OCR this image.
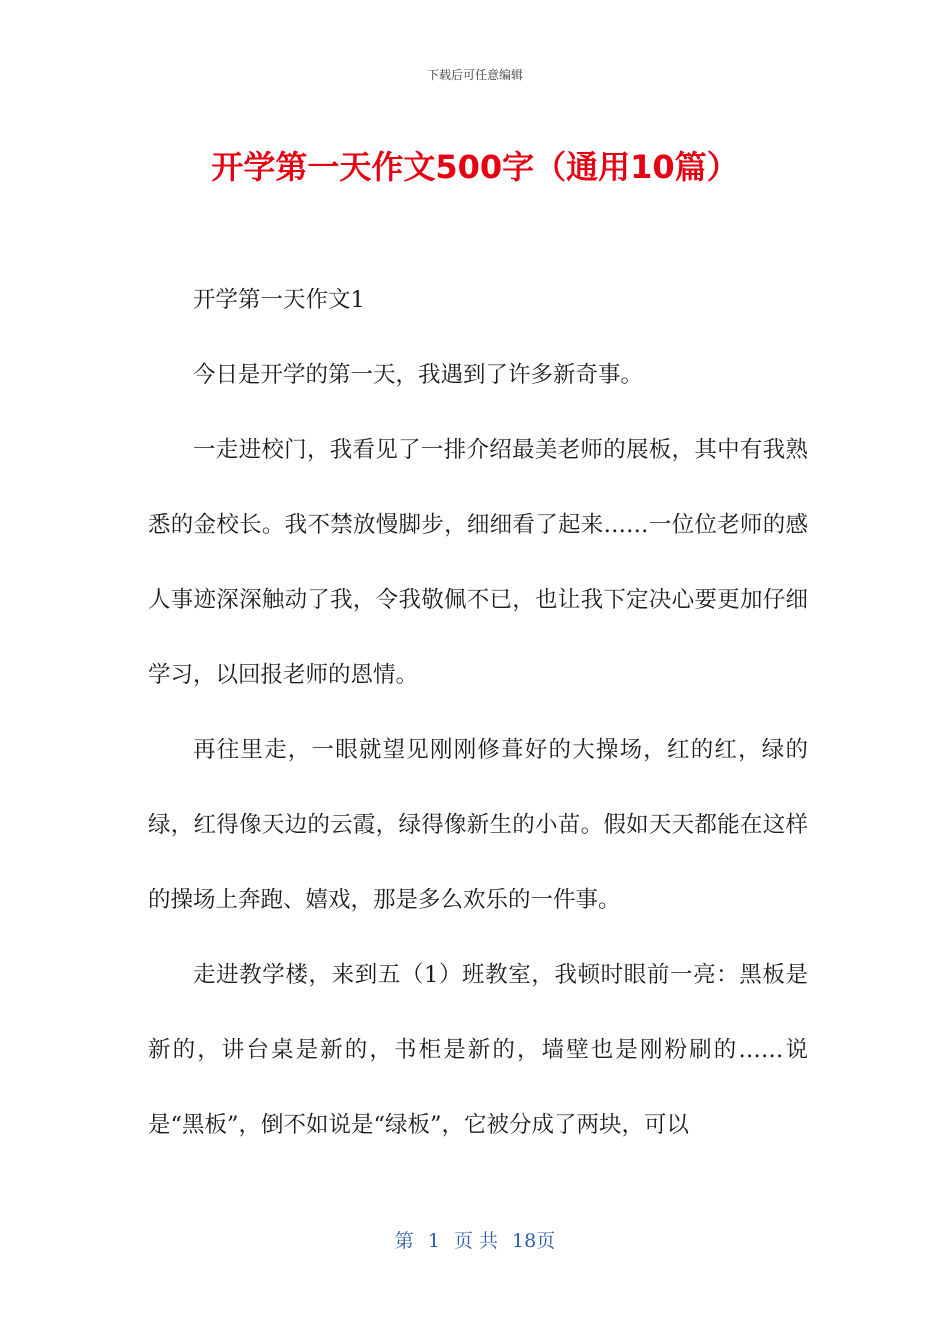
下载后可任意编辑
开学第一天作文500字（通用10篇）

开学第一天作文1

今日是开学的第一天，我遇到了许多新奇事。

一走进校门，我看见了一排介绍最美老师的展板，其中有我熟悉的金校长。我不禁放慢脚步，细细看了起来……一位位老师的感人事迹深深触动了我，令我敬佩不已，也让我下定决心要更加仔细学习，以回报老师的恩情。

再往里走，一眼就望见刚刚修葺好的大操场，红的红，绿的绿，红得像天边的云霞，绿得像新生的小苗。假如天天都能在这样的操场上奔跑、嬉戏，那是多么欢乐的一件事。

走进教学楼，来到五（1）班教室，我顿时眼前一亮：黑板是新的，讲台桌是新的，书柜是新的，墙壁也是刚粉刷的……说是“黑板”，倒不如说是“绿板”，它被分成了两块，可以

第 1 页 共 18页
